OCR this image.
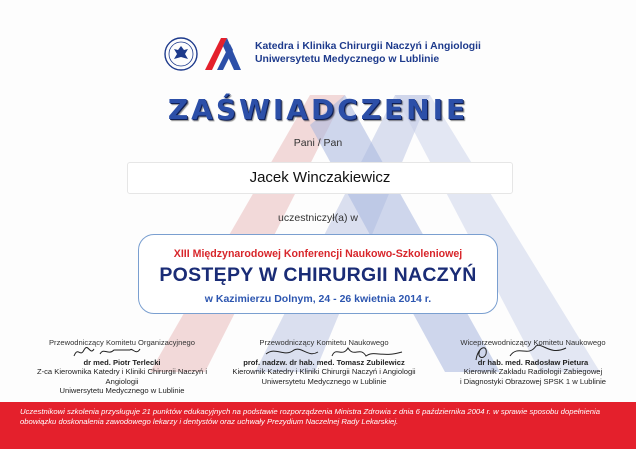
Katedra i Klinika Chirurgii Naczyń i Angiologii
Uniwersytetu Medycznego w Lublinie
ZAŚWIADCZENIE
Pani / Pan
Jacek Winczakiewicz
uczestniczył(a) w
XIII Międzynarodowej Konferencji Naukowo-Szkoleniowej
POSTĘPY W CHIRURGII NACZYŃ
w Kazimierzu Dolnym, 24 - 26 kwietnia 2014 r.
Przewodniczący Komitetu Organizacyjnego
dr med. Piotr Terlecki
Z-ca Kierownika Katedry i Kliniki Chirurgii Naczyń i Angiologii
Uniwersytetu Medycznego w Lublinie
Przewodniczący Komitetu Naukowego
prof. nadzw. dr hab. med. Tomasz Zubilewicz
Kierownik Katedry i Kliniki Chirurgii Naczyń i Angiologii
Uniwersytetu Medycznego w Lublinie
Wiceprzewodniczący Komitetu Naukowego
dr hab. med. Radosław Pietura
Kierownik Zakładu Radiologii Zabiegowej
i Diagnostyki Obrazowej SPSK 1 w Lublinie
Uczestnikowi szkolenia przysługuje 21 punktów edukacyjnych na podstawie rozporządzenia Ministra Zdrowia z dnia 6 października 2004 r. w sprawie sposobu dopełnienia obowiązku doskonalenia zawodowego lekarzy i dentystów oraz uchwały Prezydium Naczelnej Rady Lekarskiej.
